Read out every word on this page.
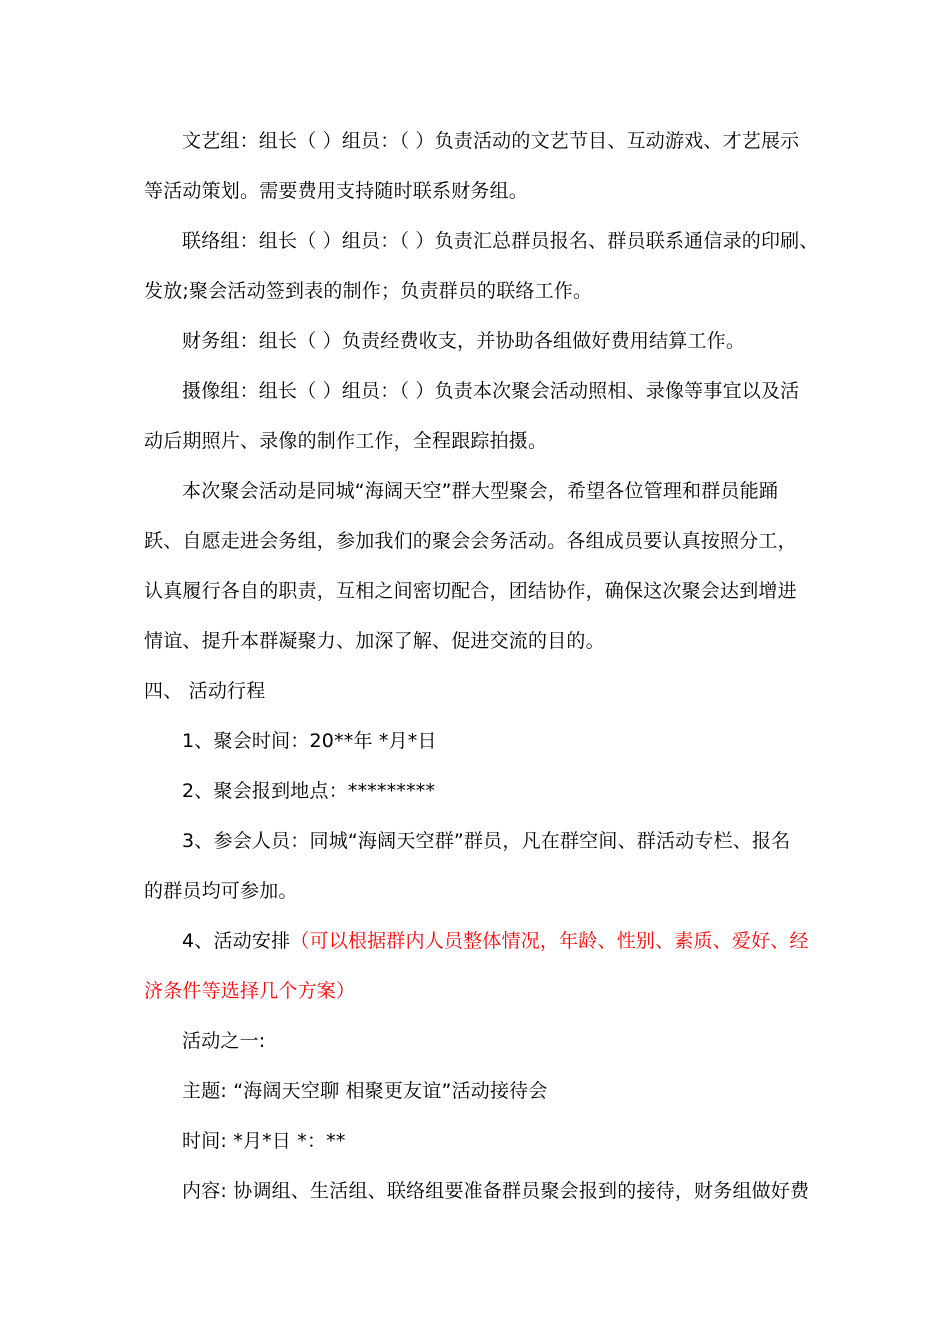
文艺组：组长（ ）组员：（ ）负责活动的文艺节目、互动游戏、才艺展示
等活动策划。需要费用支持随时联系财务组。
联络组：组长（ ）组员：（ ）负责汇总群员报名、群员联系通信录的印刷、
发放;聚会活动签到表的制作；负责群员的联络工作。
财务组：组长（ ）负责经费收支，并协助各组做好费用结算工作。
摄像组：组长（ ）组员：（ ）负责本次聚会活动照相、录像等事宜以及活
动后期照片、录像的制作工作，全程跟踪拍摄。
本次聚会活动是同城“海阔天空”群大型聚会，希望各位管理和群员能踊
跃、自愿走进会务组，参加我们的聚会会务活动。各组成员要认真按照分工，
认真履行各自的职责，互相之间密切配合，团结协作，确保这次聚会达到增进
情谊、提升本群凝聚力、加深了解、促进交流的目的。
四、 活动行程
1、聚会时间：20**年 *月*日
2、聚会报到地点：*********
3、参会人员：同城“海阔天空群”群员，凡在群空间、群活动专栏、报名
的群员均可参加。
4、活动安排（可以根据群内人员整体情况，年龄、性别、素质、爱好、经
济条件等选择几个方案）
活动之一:
主题: “海阔天空聊 相聚更友谊”活动接待会
时间: *月*日 *：**
内容: 协调组、生活组、联络组要准备群员聚会报到的接待，财务组做好费
